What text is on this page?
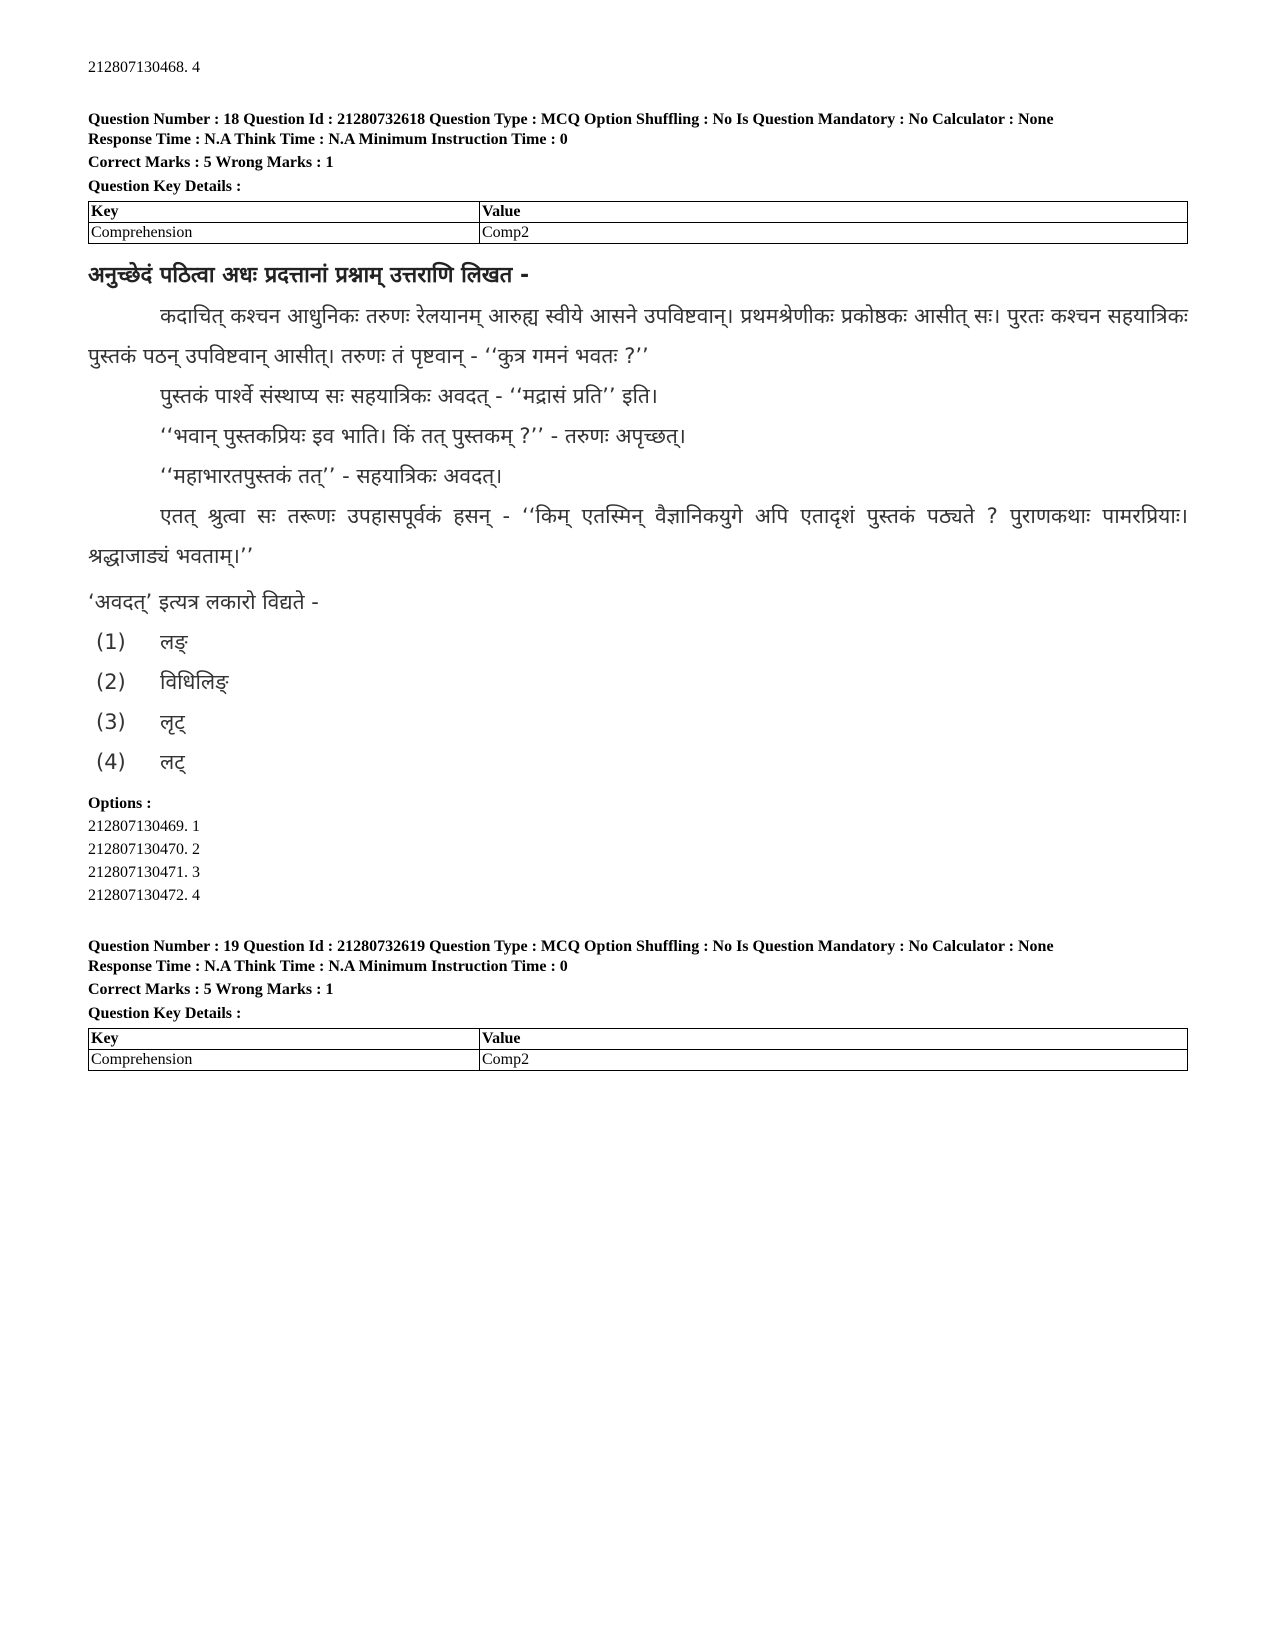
212807130468. 4
Question Number : 18 Question Id : 21280732618 Question Type : MCQ Option Shuffling : No Is Question Mandatory : No Calculator : None
Response Time : N.A Think Time : N.A Minimum Instruction Time : 0
Correct Marks : 5 Wrong Marks : 1
Question Key Details :
Key	Value
Comprehension	Comp2
अनुच्छेदं पठित्वा अधः प्रदत्तानां प्रश्नाम् उत्तराणि लिखत -
कदाचित् कश्चन आधुनिकः तरुणः रेलयानम् आरुह्य स्वीये आसने उपविष्टवान्। प्रथमश्रेणीकः प्रकोष्ठकः आसीत् सः। पुरतः कश्चन सहयात्रिकः पुस्तकं पठन् उपविष्टवान् आसीत्। तरुणः तं पृष्टवान् - ‘‘कुत्र गमनं भवतः ?’’
पुस्तकं पार्श्वे संस्थाप्य सः सहयात्रिकः अवदत् - ‘‘मद्रासं प्रति’’ इति।
‘‘भवान् पुस्तकप्रियः इव भाति। किं तत् पुस्तकम् ?’’ - तरुणः अपृच्छत्।
‘‘महाभारतपुस्तकं तत्’’ - सहयात्रिकः अवदत्।
एतत् श्रुत्वा सः तरूणः उपहासपूर्वकं हसन् - ‘‘किम् एतस्मिन् वैज्ञानिकयुगे अपि एतादृशं पुस्तकं पठ्यते ? पुराणकथाः पामरप्रियाः। श्रद्धाजाड्यं भवताम्।’’
‘अवदत्’ इत्यत्र लकारो विद्यते -
(1)	लङ्
(2)	विधिलिङ्
(3)	लृट्
(4)	लट्
Options :
212807130469. 1
212807130470. 2
212807130471. 3
212807130472. 4
Question Number : 19 Question Id : 21280732619 Question Type : MCQ Option Shuffling : No Is Question Mandatory : No Calculator : None
Response Time : N.A Think Time : N.A Minimum Instruction Time : 0
Correct Marks : 5 Wrong Marks : 1
Question Key Details :
Key	Value
Comprehension	Comp2
